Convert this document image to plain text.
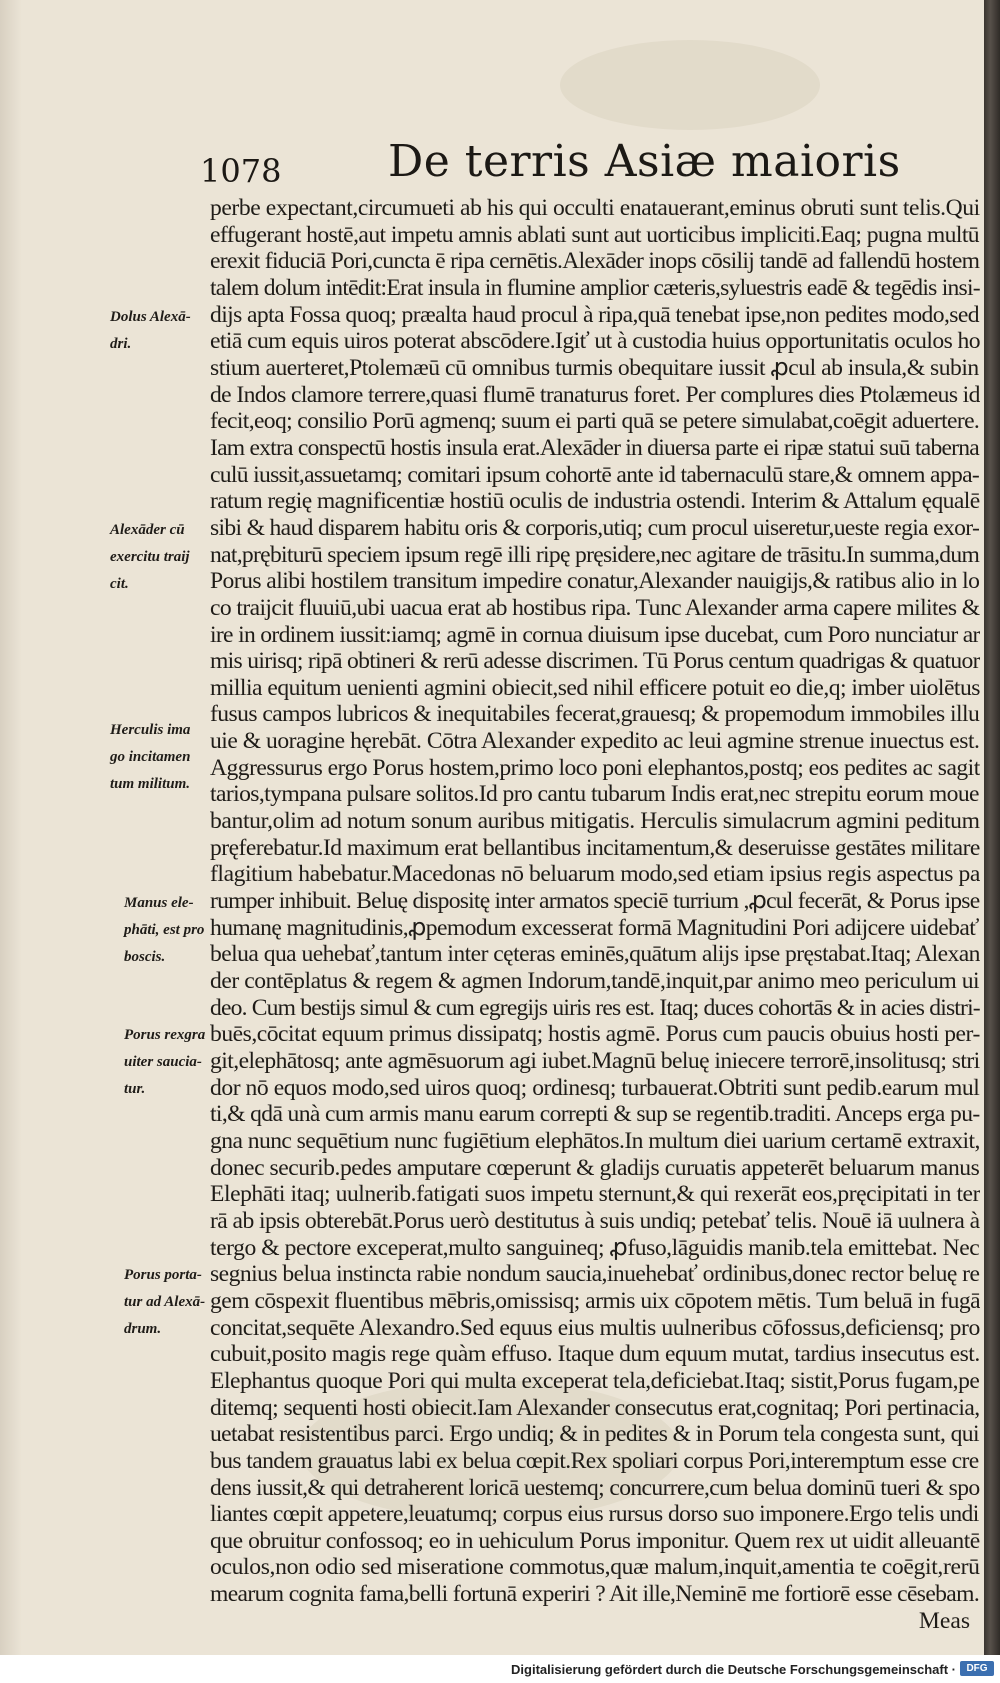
1078 De terris Asiæ maioris
perbe expectant,circumueti ab his qui occulti enatauerant,eminus obruti sunt telis.Qui
effugerant hostē,aut impetu amnis ablati sunt aut uorticibus impliciti.Eaq; pugna multū
erexit fiduciā Pori,cuncta ē ripa cernētis.Alexāder inops cōsilij tandē ad fallendū hostem
talem dolum intēdit:Erat insula in flumine amplior cæteris,syluestris eadē & tegēdis insi-
dijs apta Fossa quoq; præalta haud procul à ripa,quā tenebat ipse,non pedites modo,sed
etiā cum equis uiros poterat abscōdere.Igiť ut à custodia huius opportunitatis oculos ho
stium auerteret,Ptolemæū cū omnibus turmis obequitare iussit ꝓcul ab insula,& subin
de Indos clamore terrere,quasi flumē tranaturus foret. Per complures dies Ptolæmeus id
fecit,eoq; consilio Porū agmenq; suum ei parti quā se petere simulabat,coēgit aduertere.
Iam extra conspectū hostis insula erat.Alexāder in diuersa parte ei ripæ statui suū taberna
culū iussit,assuetamq; comitari ipsum cohortē ante id tabernaculū stare,& omnem appa-
ratum regię magnificentiæ hostiū oculis de industria ostendi. Interim & Attalum ęqualē
sibi & haud disparem habitu oris & corporis,utiq; cum procul uiseretur,ueste regia exor-
nat,prębiturū speciem ipsum regē illi ripę pręsidere,nec agitare de trāsitu.In summa,dum
Porus alibi hostilem transitum impedire conatur,Alexander nauigijs,& ratibus alio in lo
co traijcit fluuiū,ubi uacua erat ab hostibus ripa. Tunc Alexander arma capere milites &
ire in ordinem iussit:iamq; agmē in cornua diuisum ipse ducebat, cum Poro nunciatur ar
mis uirisq; ripā obtineri & rerū adesse discrimen. Tū Porus centum quadrigas & quatuor
millia equitum uenienti agmini obiecit,sed nihil efficere potuit eo die,q; imber uiolētus
fusus campos lubricos & inequitabiles fecerat,grauesq; & propemodum immobiles illu
uie & uoragine hęrebāt. Cōtra Alexander expedito ac leui agmine strenue inuectus est.
Aggressurus ergo Porus hostem,primo loco poni elephantos,postq; eos pedites ac sagit
tarios,tympana pulsare solitos.Id pro cantu tubarum Indis erat,nec strepitu eorum moue
bantur,olim ad notum sonum auribus mitigatis. Herculis simulacrum agmini peditum
pręferebatur.Id maximum erat bellantibus incitamentum,& deseruisse gestātes militare
flagitium habebatur.Macedonas nō beluarum modo,sed etiam ipsius regis aspectus pa
rumper inhibuit. Beluę dispositę inter armatos speciē turrium ,ꝓcul fecerāt, & Porus ipse
humanę magnitudinis,ꝓpemodum excesserat formā Magnitudini Pori adijcere uidebať
belua qua uehebať,tantum inter cęteras eminēs,quātum alijs ipse pręstabat.Itaq; Alexan
der contēplatus & regem & agmen Indorum,tandē,inquit,par animo meo periculum ui
deo. Cum bestijs simul & cum egregijs uiris res est. Itaq; duces cohortās & in acies distri-
buēs,cōcitat equum primus dissipatq; hostis agmē. Porus cum paucis obuius hosti per-
git,elephātosq; ante agmēsuorum agi iubet.Magnū beluę iniecere terrorē,insolitusq; stri
dor nō equos modo,sed uiros quoq; ordinesq; turbauerat.Obtriti sunt pedib.earum mul
ti,& qdā unà cum armis manu earum correpti & sup se regentib.traditi. Anceps erga pu-
gna nunc sequētium nunc fugiētium elephātos.In multum diei uarium certamē extraxit,
donec securib.pedes amputare cœperunt & gladijs curuatis appeterēt beluarum manus
Elephāti itaq; uulnerib.fatigati suos impetu sternunt,& qui rexerāt eos,pręcipitati in ter
rā ab ipsis obterebāt.Porus uerò destitutus à suis undiq; petebať telis. Nouē iā uulnera à
tergo & pectore exceperat,multo sanguineq; ꝓfuso,lāguidis manib.tela emittebat. Nec
segnius belua instincta rabie nondum saucia,inuehebať ordinibus,donec rector beluę re
gem cōspexit fluentibus mēbris,omissisq; armis uix cōpotem mētis. Tum beluā in fugā
concitat,sequēte Alexandro.Sed equus eius multis uulneribus cōfossus,deficiensq; pro
cubuit,posito magis rege quàm effuso. Itaque dum equum mutat, tardius insecutus est.
Elephantus quoque Pori qui multa exceperat tela,deficiebat.Itaq; sistit,Porus fugam,pe
ditemq; sequenti hosti obiecit.Iam Alexander consecutus erat,cognitaq; Pori pertinacia,
uetabat resistentibus parci. Ergo undiq; & in pedites & in Porum tela congesta sunt, qui
bus tandem grauatus labi ex belua cœpit.Rex spoliari corpus Pori,interemptum esse cre
dens iussit,& qui detraherent loricā uestemq; concurrere,cum belua dominū tueri & spo
liantes cœpit appetere,leuatumq; corpus eius rursus dorso suo imponere.Ergo telis undi
que obruitur confossoq; eo in uehiculum Porus imponitur. Quem rex ut uidit alleuantē
oculos,non odio sed miseratione commotus,quæ malum,inquit,amentia te coēgit,rerū
mearum cognita fama,belli fortunā experiri ? Ait ille,Neminē me fortiorē esse cēsebam.
Meas
Dolus Alexā-
dri.
Alexāder cū
exercitu traij
cit.
Herculis ima
go incitamen
tum militum.
Manus ele-
phāti, est pro
boscis.
Porus rexgra
uiter saucia-
tur.
Porus porta-
tur ad Alexā-
drum.
Digitalisierung gefördert durch die Deutsche Forschungsgemeinschaft ·	DFG
